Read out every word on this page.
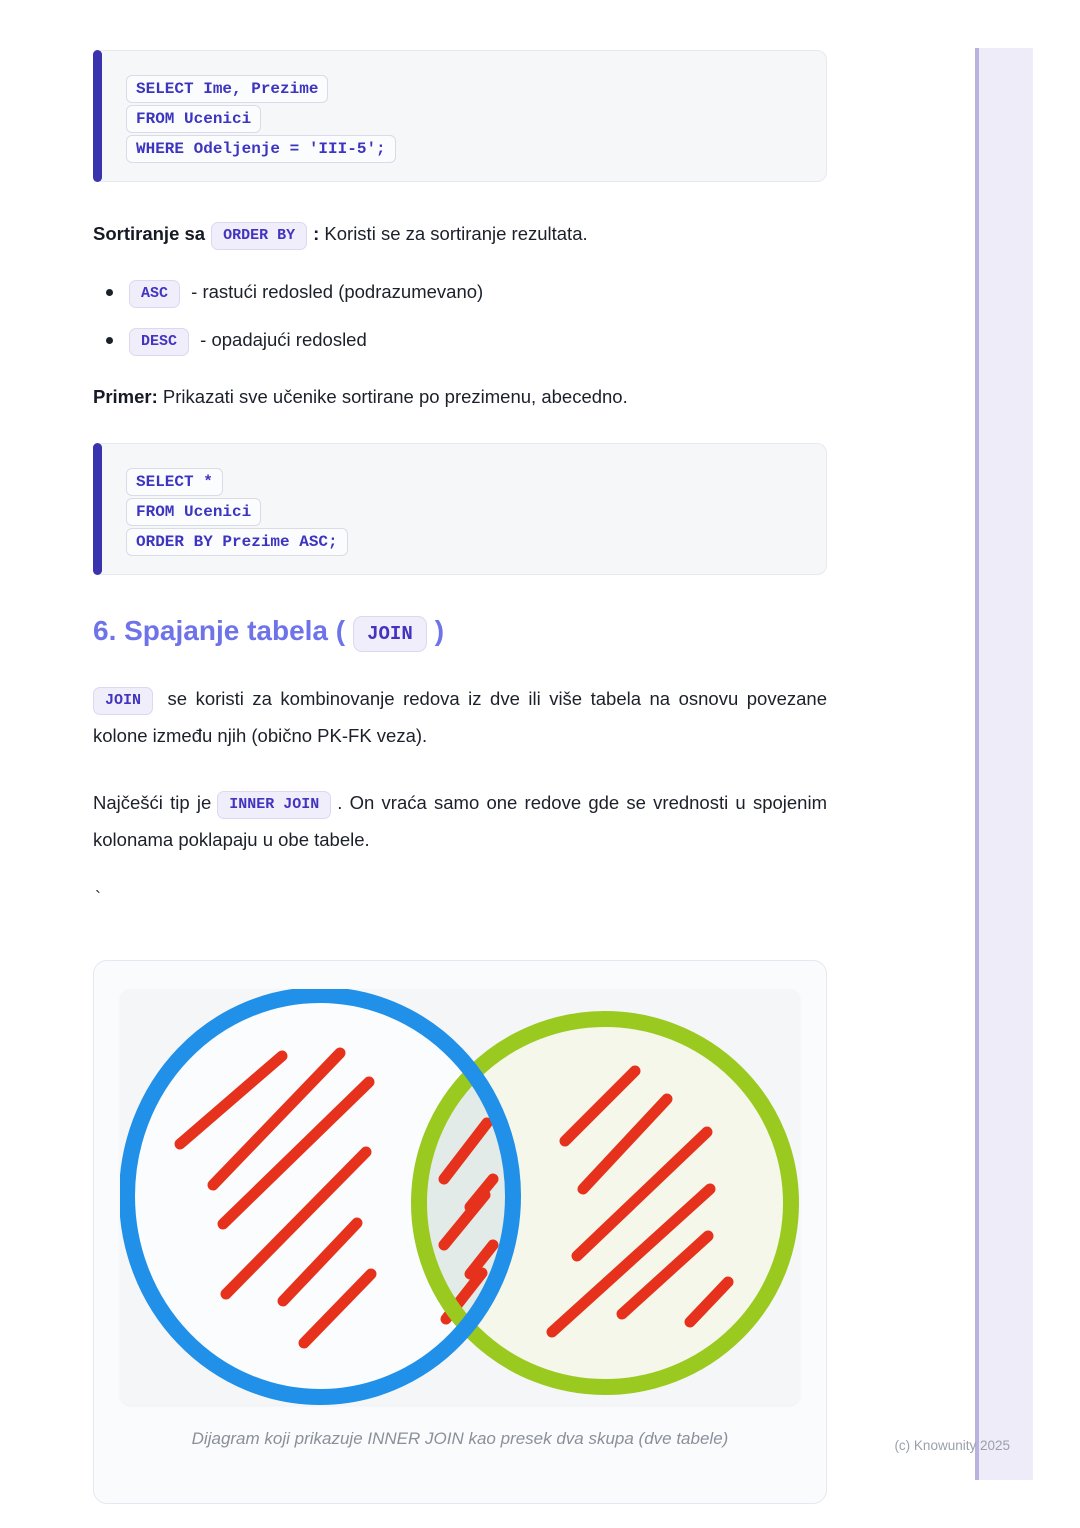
SELECT Ime, Prezime
FROM Ucenici
WHERE Odeljenje = 'III-5';

Sortiranje sa ORDER BY : Koristi se za sortiranje rezultata.

ASC - rastući redosled (podrazumevano)
DESC - opadajući redosled

Primer: Prikazati sve učenike sortirane po prezimenu, abecedno.

SELECT *
FROM Ucenici
ORDER BY Prezime ASC;
6. Spajanje tabela ( JOIN )

JOIN se koristi za kombinovanje redova iz dve ili više tabela na osnovu povezane kolone između njih (obično PK-FK veza).

Najčešći tip je INNER JOIN . On vraća samo one redove gde se vrednosti u spojenim kolonama poklapaju u obe tabele.

`

Dijagram koji prikazuje INNER JOIN kao presek dva skupa (dve tabele)	(c) Knowunity 2025
